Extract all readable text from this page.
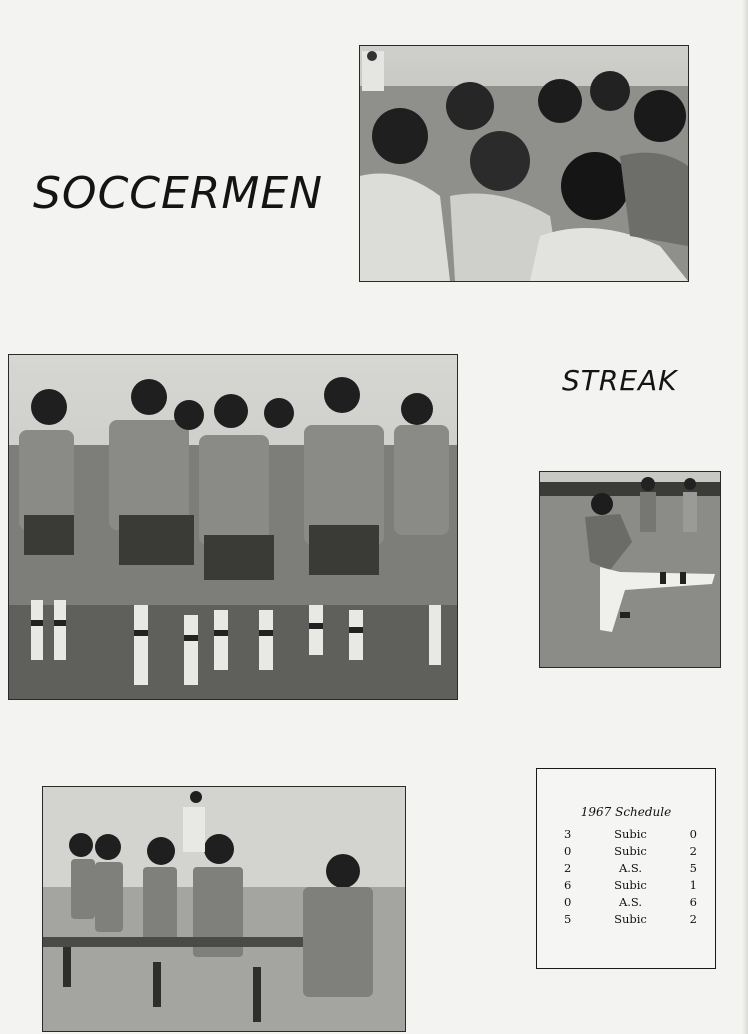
SOCCERMEN
STREAK
1967 Schedule
3	Subic	0
0	Subic	2
2	A.S.	5
6	Subic	1
0	A.S.	6
5	Subic	2
